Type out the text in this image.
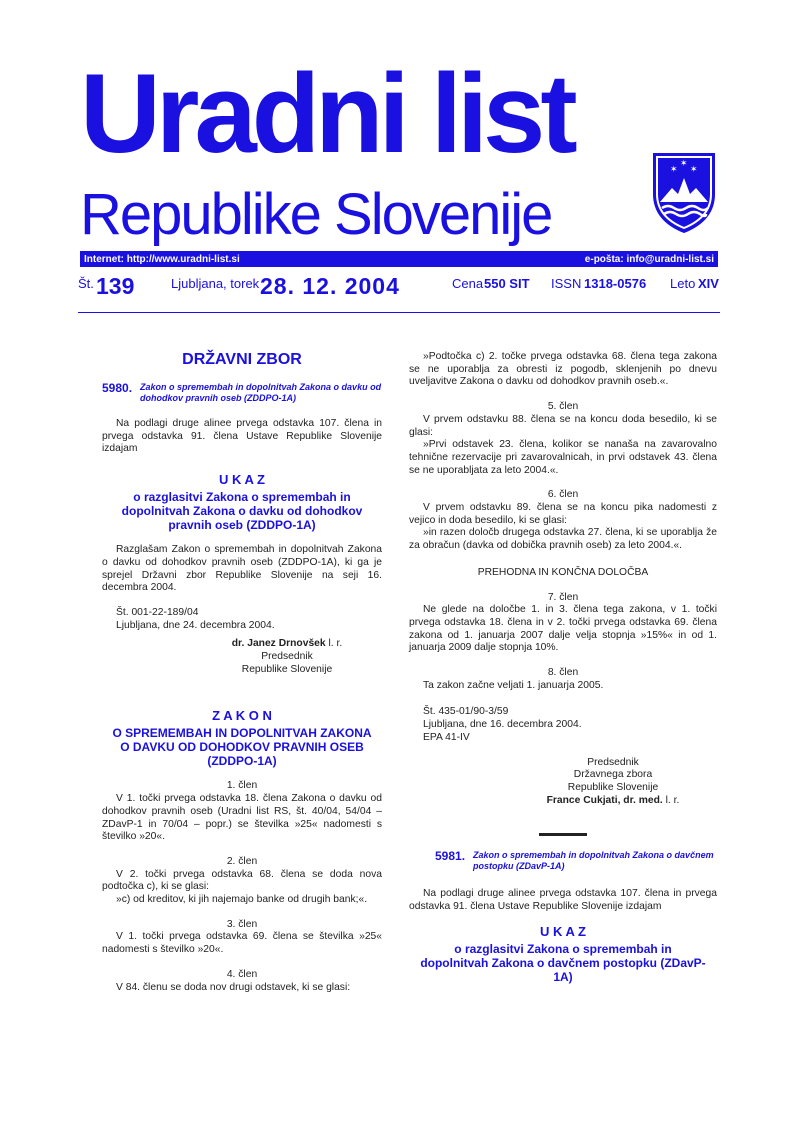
Uradni list
Republike Slovenije
✶
✶
✶
Internet: http://www.uradni-list.si	e-pošta: info@uradni-list.si
Št. 139	Ljubljana, torek 28. 12. 2004	Cena 550 SIT ISSN 1318-0576 Leto XIV
DRŽAVNI ZBOR
5980. Zakon o spremembah in dopolnitvah Zakona o davku od dohodkov pravnih oseb (ZDDPO-1A)

Na podlagi druge alinee prvega odstavka 107. člena in prvega odstavka 91. člena Ustave Republike Slovenije izdajam

U K A Z
o razglasitvi Zakona o spremembah in dopolnitvah Zakona o davku od dohodkov pravnih oseb (ZDDPO-1A)

Razglašam Zakon o spremembah in dopolnitvah Zakona o davku od dohodkov pravnih oseb (ZDDPO-1A), ki ga je sprejel Državni zbor Republike Slovenije na seji 16. decembra 2004.

Št. 001-22-189/04

Ljubljana, dne 24. decembra 2004.

dr. Janez Drnovšek l. r.
Predsednik
Republike Slovenije
Z A K O N
O SPREMEMBAH IN DOPOLNITVAH ZAKONA O DAVKU OD DOHODKOV PRAVNIH OSEB (ZDDPO-1A)

1. člen

V 1. točki prvega odstavka 18. člena Zakona o davku od dohodkov pravnih oseb (Uradni list RS, št. 40/04, 54/04 – ZDavP-1 in 70/04 – popr.) se številka »25« nadomesti s številko »20«.

2. člen

V 2. točki prvega odstavka 68. člena se doda nova podtočka c), ki se glasi:

»c) od kreditov, ki jih najemajo banke od drugih bank;«.

3. člen

V 1. točki prvega odstavka 69. člena se številka »25« nadomesti s številko »20«.

4. člen

V 84. členu se doda nov drugi odstavek, ki se glasi:

»Podtočka c) 2. točke prvega odstavka 68. člena tega zakona se ne uporablja za obresti iz pogodb, sklenjenih po dnevu uveljavitve Zakona o davku od dohodkov pravnih oseb.«.

5. člen

V prvem odstavku 88. člena se na koncu doda besedilo, ki se glasi:

»Prvi odstavek 23. člena, kolikor se nanaša na zavarovalno tehnične rezervacije pri zavarovalnicah, in prvi odstavek 43. člena se ne uporabljata za leto 2004.«.

6. člen

V prvem odstavku 89. člena se na koncu pika nadomesti z vejico in doda besedilo, ki se glasi:

»in razen določb drugega odstavka 27. člena, ki se uporablja že za obračun (davka od dobička pravnih oseb) za leto 2004.«.

PREHODNA IN KONČNA DOLOČBA

7. člen

Ne glede na določbe 1. in 3. člena tega zakona, v 1. točki prvega odstavka 18. člena in v 2. točki prvega odstavka 69. člena zakona od 1. januarja 2007 dalje velja stopnja »15%« in od 1. januarja 2009 dalje stopnja 10%.

8. člen

Ta zakon začne veljati 1. januarja 2005.

Št. 435-01/90-3/59

Ljubljana, dne 16. decembra 2004.

EPA 41-IV

Predsednik
Državnega zbora
Republike Slovenije
France Cukjati, dr. med. l. r.
5981. Zakon o spremembah in dopolnitvah Zakona o davčnem postopku (ZDavP-1A)

Na podlagi druge alinee prvega odstavka 107. člena in prvega odstavka 91. člena Ustave Republike Slovenije izdajam

U K A Z
o razglasitvi Zakona o spremembah in dopolnitvah Zakona o davčnem postopku (ZDavP-1A)
